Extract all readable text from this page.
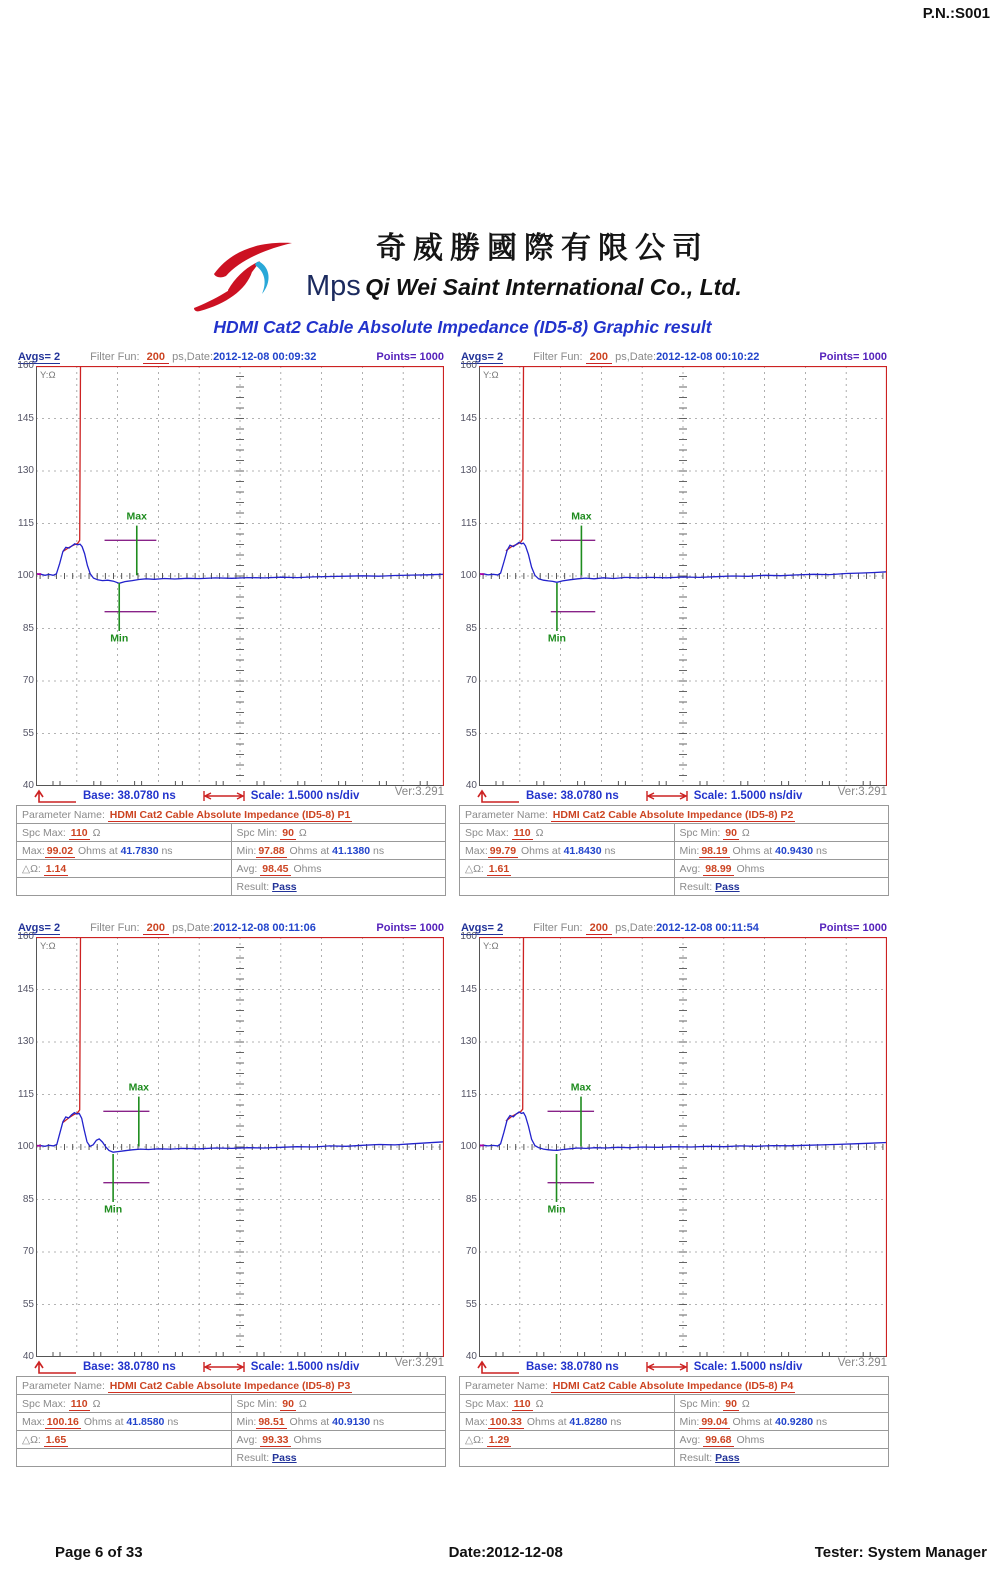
P.N.:S001
奇威勝國際有限公司
Mps Qi Wei Saint International Co., Ltd.
HDMI Cat2 Cable Absolute Impedance (ID5-8) Graphic result
Avgs= 2	Filter Fun: 200 ps,Date:2012-12-08 00:09:32	Points= 1000
160
145
130
115
100
85
70
55
40
Max
Min
Y:Ω
Base: 38.0780 ns	Scale: 1.5000 ns/div	Ver:3.291
Parameter Name: HDMI Cat2 Cable Absolute Impedance (ID5-8) P1	
Spc Max: 110 Ω	Spc Min: 90 Ω
Max: 99.02 Ohms at 41.7830 ns	Min: 97.88 Ohms at 41.1380 ns
△Ω: 1.14	Avg: 98.45 Ohms
	Result: Pass
Avgs= 2	Filter Fun: 200 ps,Date:2012-12-08 00:10:22	Points= 1000
160
145
130
115
100
85
70
55
40
Max
Min
Y:Ω
Base: 38.0780 ns	Scale: 1.5000 ns/div	Ver:3.291
Parameter Name: HDMI Cat2 Cable Absolute Impedance (ID5-8) P2	
Spc Max: 110 Ω	Spc Min: 90 Ω
Max: 99.79 Ohms at 41.8430 ns	Min: 98.19 Ohms at 40.9430 ns
△Ω: 1.61	Avg: 98.99 Ohms
	Result: Pass
Avgs= 2	Filter Fun: 200 ps,Date:2012-12-08 00:11:06	Points= 1000
160
145
130
115
100
85
70
55
40
Max
Min
Y:Ω
Base: 38.0780 ns	Scale: 1.5000 ns/div	Ver:3.291
Parameter Name: HDMI Cat2 Cable Absolute Impedance (ID5-8) P3	
Spc Max: 110 Ω	Spc Min: 90 Ω
Max: 100.16 Ohms at 41.8580 ns	Min: 98.51 Ohms at 40.9130 ns
△Ω: 1.65	Avg: 99.33 Ohms
	Result: Pass
Avgs= 2	Filter Fun: 200 ps,Date:2012-12-08 00:11:54	Points= 1000
160
145
130
115
100
85
70
55
40
Max
Min
Y:Ω
Base: 38.0780 ns	Scale: 1.5000 ns/div	Ver:3.291
Parameter Name: HDMI Cat2 Cable Absolute Impedance (ID5-8) P4	
Spc Max: 110 Ω	Spc Min: 90 Ω
Max: 100.33 Ohms at 41.8280 ns	Min: 99.04 Ohms at 40.9280 ns
△Ω: 1.29	Avg: 99.68 Ohms
	Result: Pass
Page 6 of 33	Date:2012-12-08	Tester: System Manager
